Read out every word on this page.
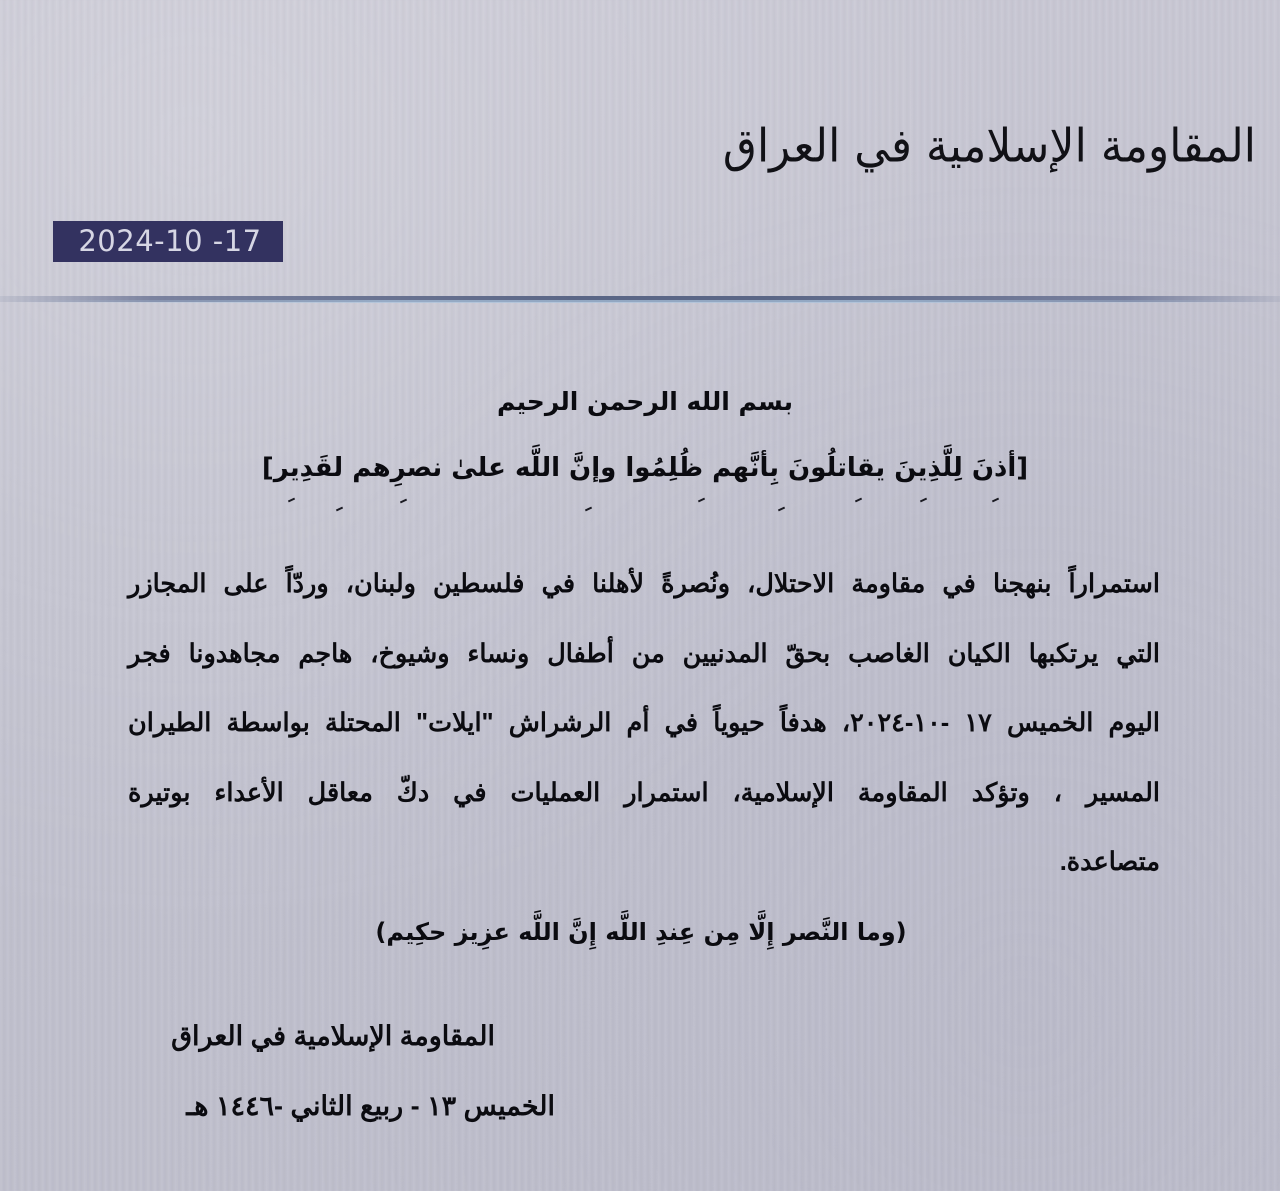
المقاومة الإسلامية في العراق
2024-10 -17
بسم الله الرحمن الرحيم
[أذنَ لِلَّذِينَ يقاتلُونَ بِأنَّهم ظُلِمُوا وإنَّ اللَّه علىٰ نصرِهم لقَدِير]
استمراراً بنهجنا في مقاومة الاحتلال، ونُصرةً لأهلنا في فلسطين ولبنان، وردّاً على المجازر
التي يرتكبها الكيان الغاصب بحقّ المدنيين من أطفال ونساء وشيوخ، هاجم مجاهدونا فجر
اليوم الخميس ١٧ -١٠-٢٠٢٤، هدفاً حيوياً في أم الرشراش "ايلات" المحتلة بواسطة الطيران
المسير ، وتؤكد المقاومة الإسلامية، استمرار العمليات في دكّ معاقل الأعداء بوتيرة
متصاعدة.
(وما النَّصر إِلَّا مِن عِندِ اللَّه إِنَّ اللَّه عزِيز حكِيم)
المقاومة الإسلامية في العراق
الخميس ١٣ - ربيع الثاني -١٤٤٦ هـ
